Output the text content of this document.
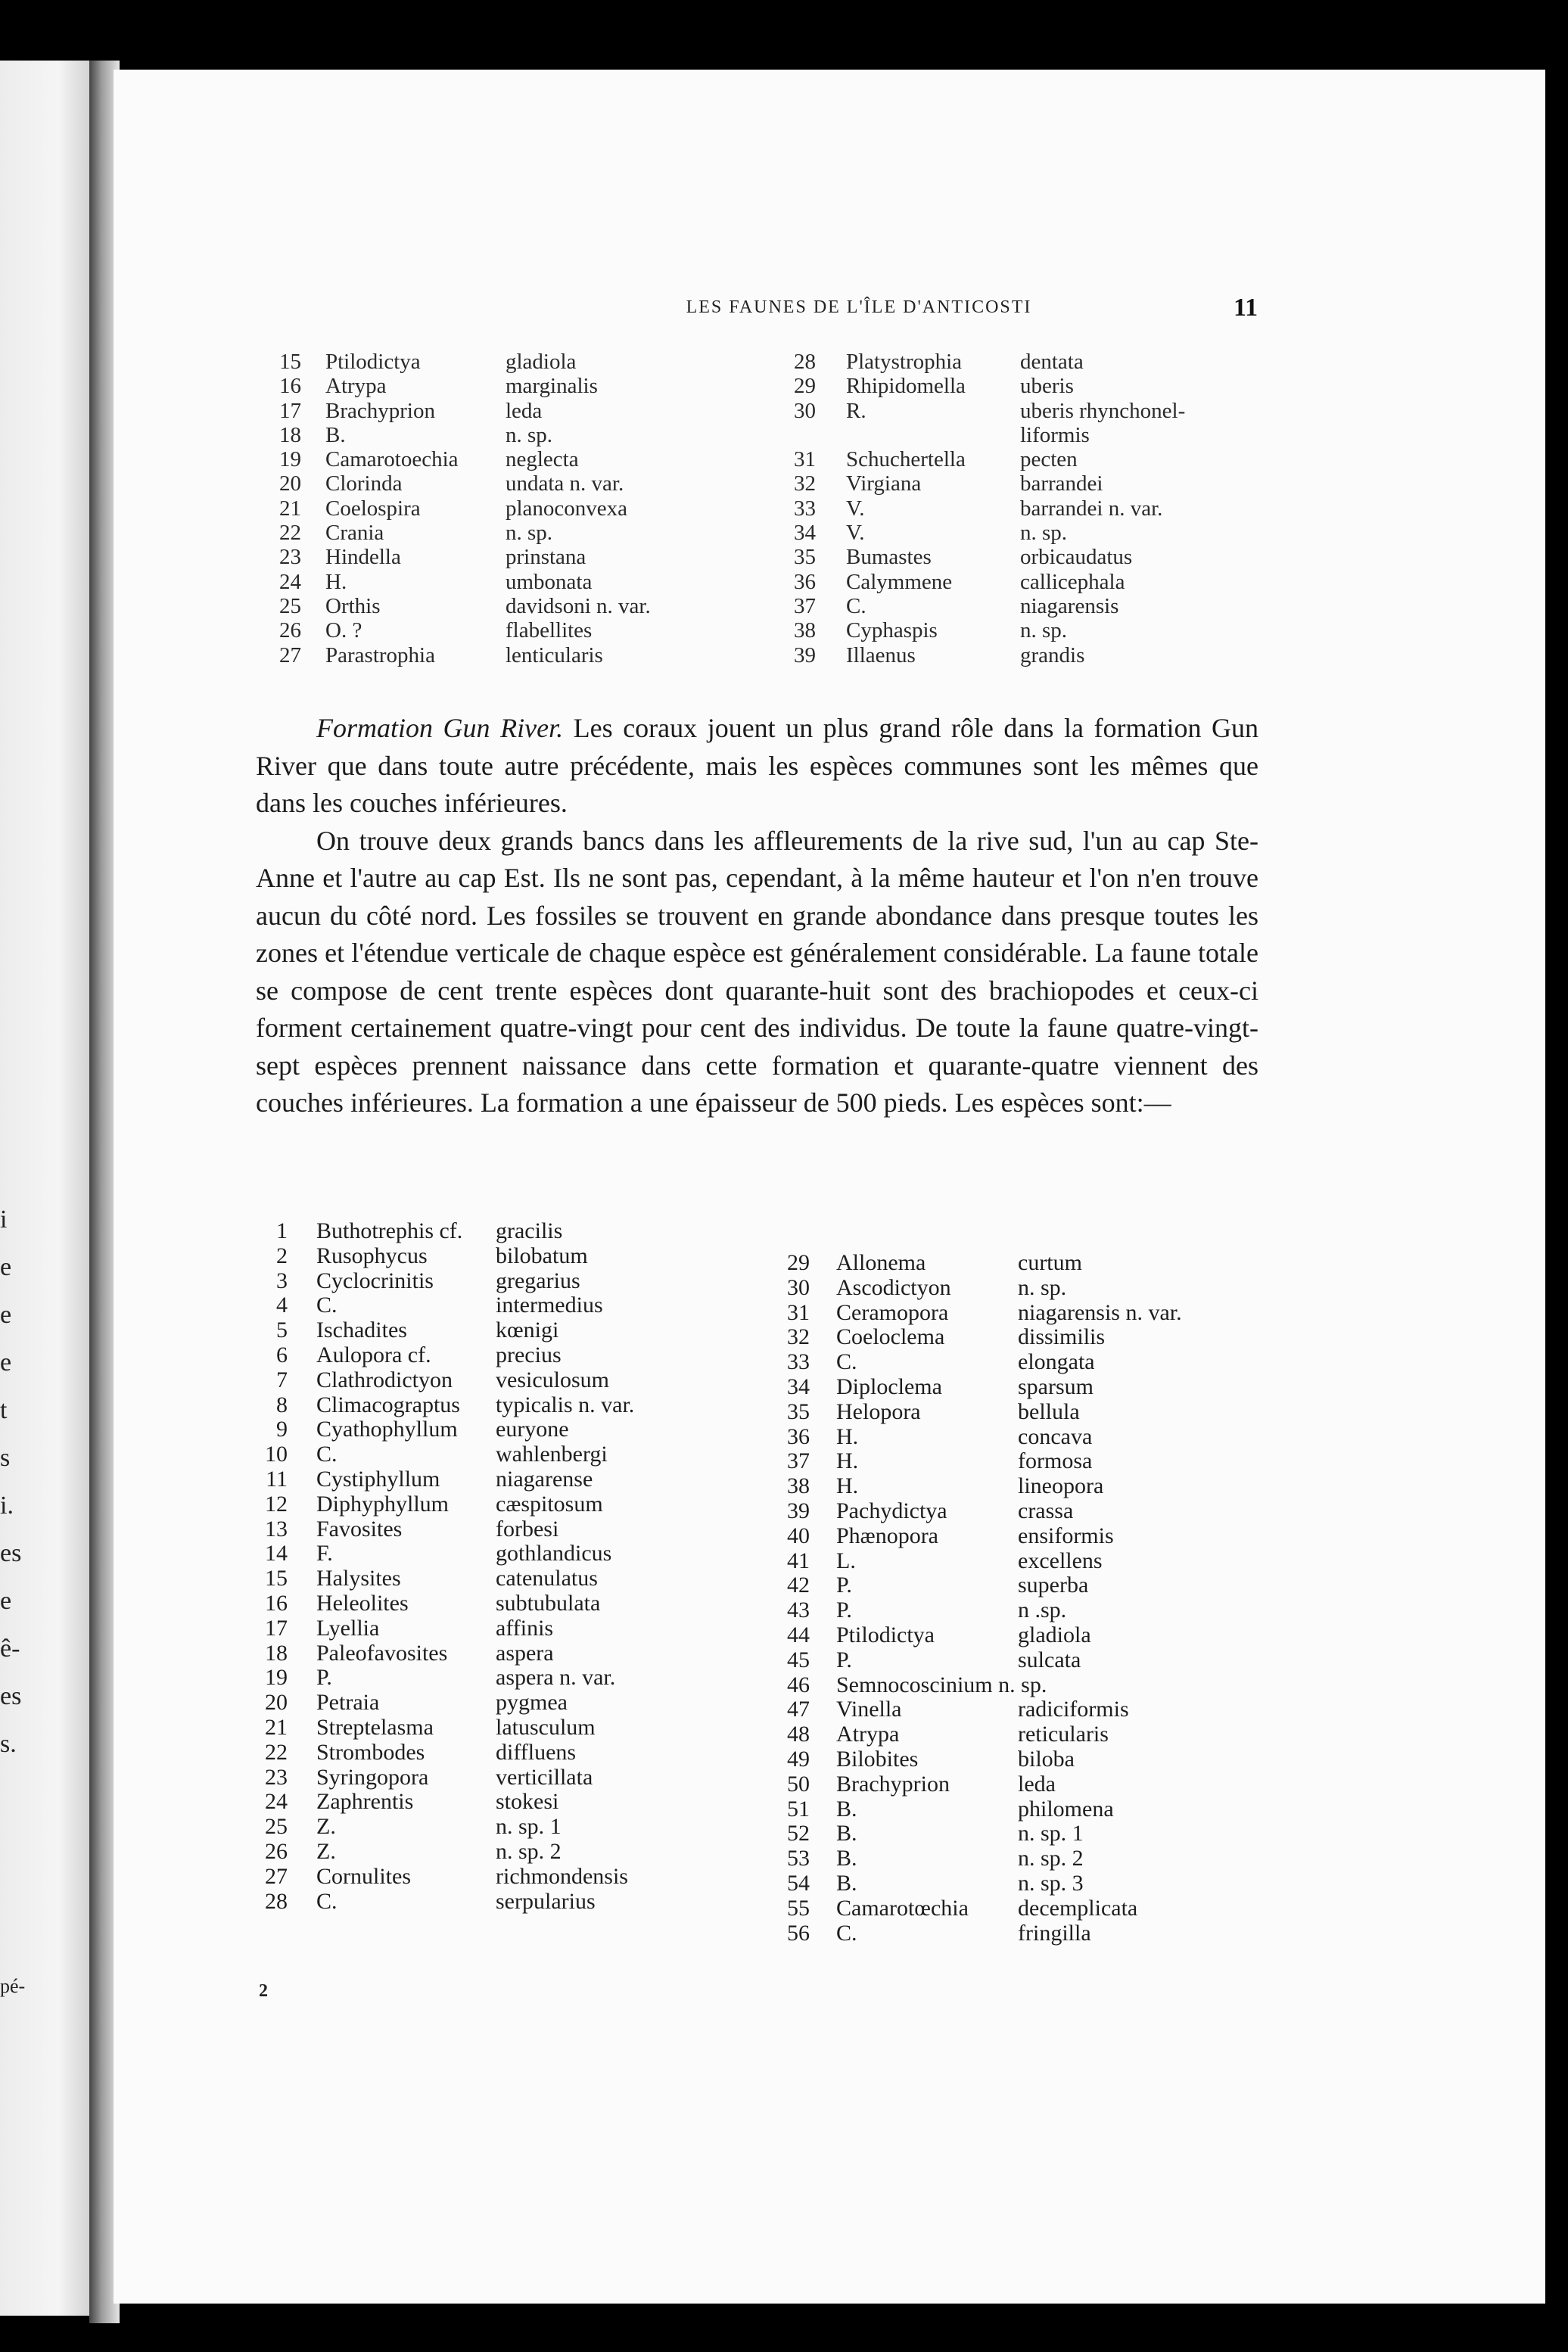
i
e
e
e
t
s
i.
es
e
ê-
es
s.
pé-
LES FAUNES DE L'ÎLE D'ANTICOSTI	11
15 Ptilodictya	gladiola
16 Atrypa	marginalis
17 Brachyprion	leda
18 B.	n. sp.
19 Camarotoechia neglecta
20 Clorinda	undata n. var.
21 Coelospira	planoconvexa
22 Crania	n. sp.
23 Hindella	prinstana
24 H.	umbonata
25 Orthis	davidsoni n. var.
26 O. ?	flabellites
27 Parastrophia	lenticularis
28 Platystrophia	dentata
29 Rhipidomella uberis
30 R.	uberis rhynchonel-
liformis
31 Schuchertella pecten
32 Virgiana	barrandei
33 V.	barrandei n. var.
34 V.	n. sp.
35 Bumastes	orbicaudatus
36 Calymmene	callicephala
37 C.	niagarensis
38 Cyphaspis	n. sp.
39 Illaenus	grandis

Formation Gun River. Les coraux jouent un plus grand rôle dans la formation Gun River que dans toute autre précédente, mais les espèces communes sont les mêmes que dans les couches inférieures.

On trouve deux grands bancs dans les affleurements de la rive sud, l'un au cap Ste-Anne et l'autre au cap Est. Ils ne sont pas, cependant, à la même hauteur et l'on n'en trouve aucun du côté nord. Les fossiles se trouvent en grande abondance dans presque toutes les zones et l'étendue verticale de chaque espèce est généralement considérable. La faune totale se compose de cent trente espèces dont quarante-huit sont des brachiopodes et ceux-ci forment certainement quatre-vingt pour cent des individus. De toute la faune quatre-vingt-sept espèces prennent naissance dans cette formation et quarante-quatre viennent des couches inférieures. La formation a une épaisseur de 500 pieds. Les espèces sont:—

1 Buthotrephis cf. gracilis
2 Rusophycus	bilobatum
3 Cyclocrinitis	gregarius
4 C.	intermedius
5 Ischadites	kœnigi
6 Aulopora cf.	precius
7 Clathrodictyon vesiculosum
8 Climacograptus typicalis n. var.
9 Cyathophyllum euryone
10 C.	wahlenbergi
11 Cystiphyllum niagarense
12 Diphyphyllum cæspitosum
13 Favosites	forbesi
14 F.	gothlandicus
15 Halysites	catenulatus
16 Heleolites	subtubulata
17 Lyellia	affinis
18 Paleofavosites aspera
19 P.	aspera n. var.
20 Petraia	pygmea
21 Streptelasma	latusculum
22 Strombodes	diffluens
23 Syringopora	verticillata
24 Zaphrentis	stokesi
25 Z.	n. sp. 1
26 Z.	n. sp. 2
27 Cornulites	richmondensis
28 C.	serpularius
29 Allonema	curtum
30 Ascodictyon	n. sp.
31 Ceramopora	niagarensis n. var.
32 Coeloclema	dissimilis
33 C.	elongata
34 Diploclema	sparsum
35 Helopora	bellula
36 H.	concava
37 H.	formosa
38 H.	lineopora
39 Pachydictya	crassa
40 Phænopora	ensiformis
41 L.	excellens
42 P.	superba
43 P.	n .sp.
44 Ptilodictya	gladiola
45 P.	sulcata
46 Semnocoscinium n. sp.
47 Vinella	radiciformis
48 Atrypa	reticularis
49 Bilobites	biloba
50 Brachyprion	leda
51 B.	philomena
52 B.	n. sp. 1
53 B.	n. sp. 2
54 B.	n. sp. 3
55 Camarotœchia decemplicata
56 C.	fringilla
2
